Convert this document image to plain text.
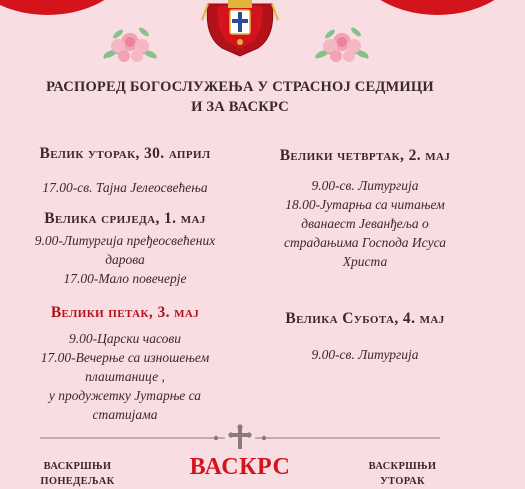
РАСПОРЕД БОГОСЛУЖЕЊА У СТРАСНОЈ СЕДМИЦИ
И ЗА ВАСКРС
Велик уторак, 30. април
17.00-св. Тајна Јелеосвећења
Велика сриједа, 1. мај
9.00-Литургија пређеосвећених
дарова
17.00-Мало повечерје
Велики петак, 3. мај
9.00-Царски часови
17.00-Вечерње са изношењем
плаштанице ,
у продужетку Јутарње са
статијама
Велики четвртак, 2. мај
9.00-св. Литургија
18.00-Јутарња са читањем
дванаест Јеванђеља о
страдањима Господа Исуса
Христа
Велика Субота, 4. мај
9.00-св. Литургија
ВАСКРШЊИ
ПОНЕДЕЉАК
ВАСКРС	ВАСКРШЊИ
УТОРАК
